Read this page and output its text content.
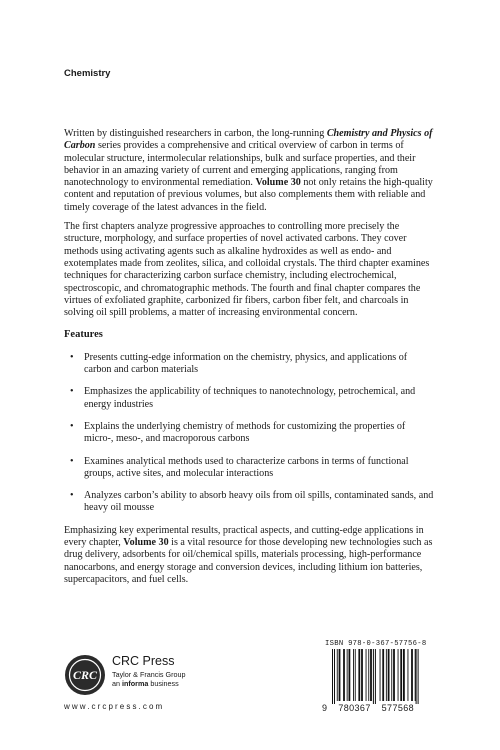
Chemistry

Written by distinguished researchers in carbon, the long-running Chemistry and Physics of Carbon series provides a comprehensive and critical overview of carbon in terms of molecular structure, intermolecular relationships, bulk and surface properties, and their behavior in an amazing variety of current and emerging applications, ranging from nanotechnology to environmental remediation. Volume 30 not only retains the high-quality content and reputation of previous volumes, but also complements them with reliable and timely coverage of the latest advances in the field.

The first chapters analyze progressive approaches to controlling more precisely the structure, morphology, and surface properties of novel activated carbons. They cover methods using activating agents such as alkaline hydroxides as well as endo- and exotemplates made from zeolites, silica, and colloidal crystals. The third chapter examines techniques for characterizing carbon surface chemistry, including electrochemical, spectroscopic, and chromatographic methods. The fourth and final chapter compares the virtues of exfoliated graphite, carbonized fir fibers, carbon fiber felt, and charcoals in solving oil spill problems, a matter of increasing environmental concern.

Features
• Presents cutting-edge information on the chemistry, physics, and applications of carbon and carbon materials
• Emphasizes the applicability of techniques to nanotechnology, petrochemical, and energy industries
• Explains the underlying chemistry of methods for customizing the properties of micro-, meso-, and macroporous carbons
• Examines analytical methods used to characterize carbons in terms of functional groups, active sites, and molecular interactions
• Analyzes carbon’s ability to absorb heavy oils from oil spills, contaminated sands, and heavy oil mousse

Emphasizing key experimental results, practical aspects, and cutting-edge applications in every chapter, Volume 30 is a vital resource for those developing new technologies such as drug delivery, adsorbents for oil/chemical spills, materials processing, high-performance nanocarbons, and energy storage and conversion devices, including lithium ion batteries, supercapacitors, and fuel cells.

CRC
CRC Press
Taylor & Francis Group
an informa business
www.crcpress.com
ISBN 978-0-367-57756-8
9 780367 577568
